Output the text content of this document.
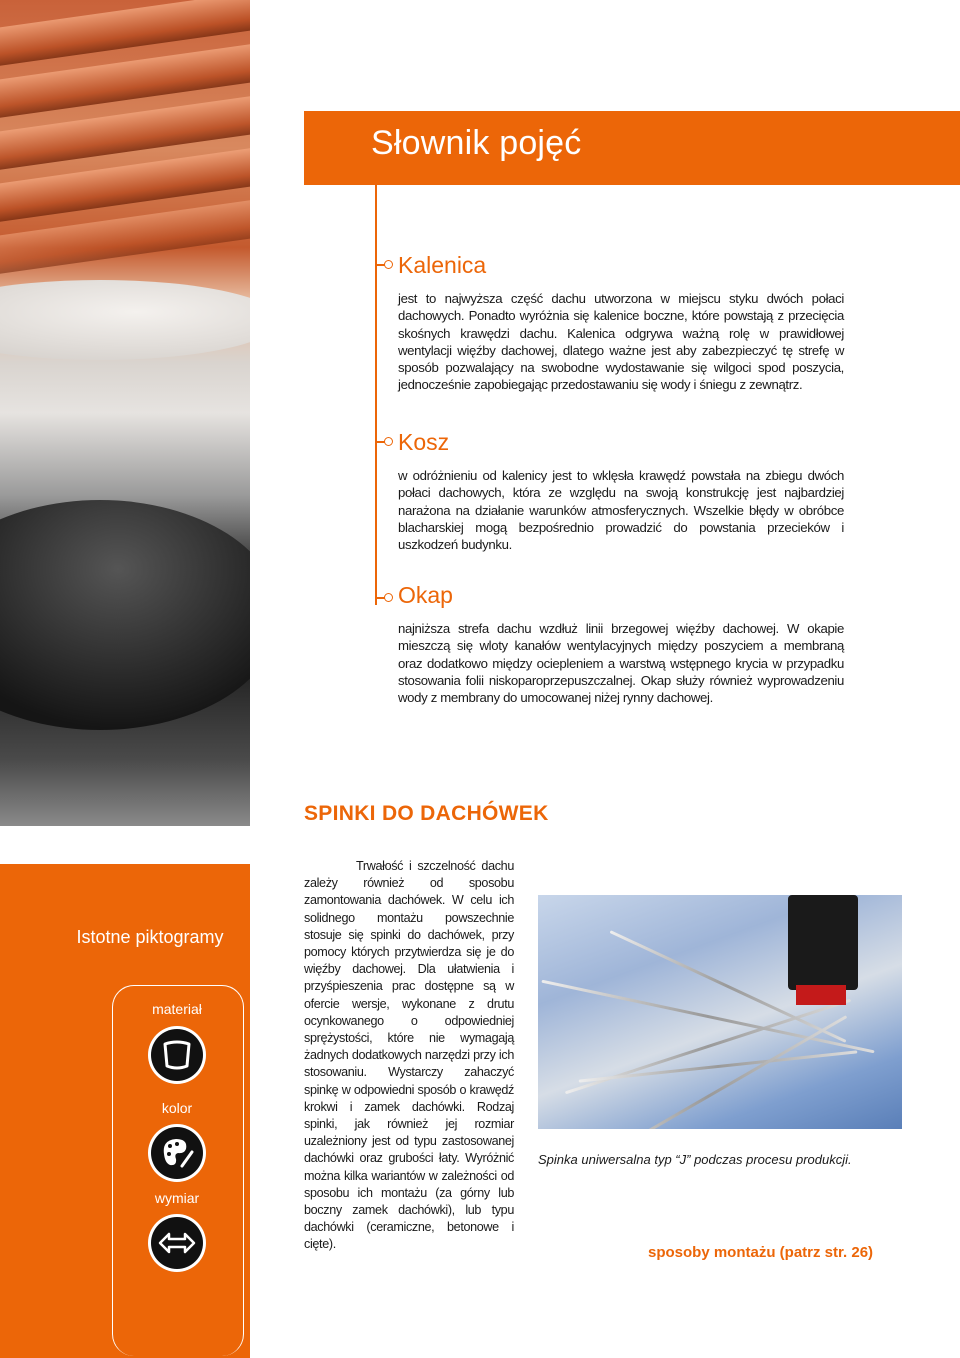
Słownik pojęć
Kalenica
jest to najwyższa część dachu utworzona w miejscu styku dwóch połaci dachowych. Ponadto wyróżnia się kalenice boczne, które powstają z przecięcia skośnych krawędzi dachu. Kalenica odgrywa ważną rolę w prawidłowej wentylacji więźby dachowej, dlatego ważne jest aby zabezpieczyć tę strefę w sposób pozwalający na swobodne wydostawanie się wilgoci spod poszycia, jednocześnie zapobiegając przedostawaniu się wody i śniegu z zewnątrz.
Kosz
w odróżnieniu od kalenicy jest to wklęsła krawędź powstała na zbiegu dwóch połaci dachowych, która ze względu na swoją konstrukcję jest najbardziej narażona na działanie warunków atmosferycznych. Wszelkie błędy w obróbce blacharskiej mogą bezpośrednio prowadzić do powstania przecieków i uszkodzeń budynku.
Okap
najniższa strefa dachu wzdłuż linii brzegowej więźby dachowej. W okapie mieszczą się wloty kanałów wentylacyjnych między poszyciem a membraną oraz dodatkowo między ociepleniem a warstwą wstępnego krycia w przypadku stosowania folii niskoparoprzepuszczalnej. Okap służy również wyprowadzeniu wody z membrany do umocowanej niżej rynny dachowej.
SPINKI DO DACHÓWEK
Istotne piktogramy
materiał
kolor
wymiar
Trwałość i szczelność dachu zależy również od sposobu zamontowania dachówek. W celu ich solidnego montażu powszechnie stosuje się spinki do dachówek, przy pomocy których przytwierdza się je do więźby dachowej. Dla ułatwienia i przyśpieszenia prac dostępne są w ofercie wersje, wykonane z drutu ocynkowanego o odpowiedniej sprężystości, które nie wymagają żadnych dodatkowych narzędzi przy ich stosowaniu. Wystarczy zahaczyć spinkę w odpowiedni sposób o krawędź krokwi i zamek dachówki. Rodzaj spinki, jak również jej rozmiar uzależniony jest od typu zastosowanej dachówki oraz grubości łaty. Wyróżnić można kilka wariantów w zależności od sposobu ich montażu (za górny lub boczny zamek dachówki), lub typu dachówki (ceramiczne, betonowe i cięte).
Spinka uniwersalna typ “J” podczas procesu produkcji.
sposoby montażu (patrz str. 26)
